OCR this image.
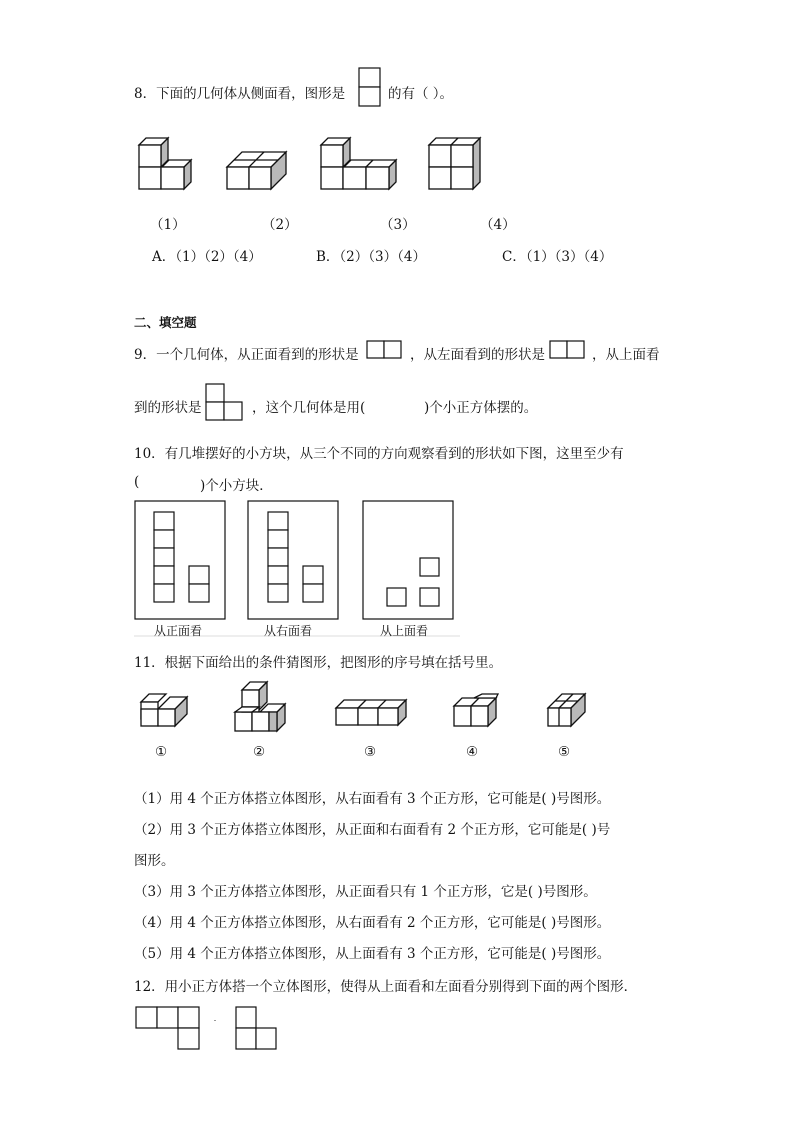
8．下面的几何体从侧面看，图形是	的有（ ）。
（1）	（2）	（3）	（4）
A．（1）（2）（4）	B．（2）（3）（4）	C．（1）（3）（4）
二、填空题
9．一个几何体，从正面看到的形状是	，从左面看到的形状是	，从上面看
到的形状是	，这个几何体是用(	)个小正方体摆的。
10．有几堆摆好的小方块，从三个不同的方向观察看到的形状如下图，这里至少有
(	)个小方块．
从正面看	从右面看	从上面看
11．根据下面给出的条件猜图形，把图形的序号填在括号里。
①	②	③	④	⑤
（1）用 4 个正方体搭立体图形，从右面看有 3 个正方形，它可能是( )号图形。
（2）用 3 个正方体搭立体图形，从正面和右面看有 2 个正方形，它可能是( )号
图形。
（3）用 3 个正方体搭立体图形，从正面看只有 1 个正方形，它是( )号图形。
（4）用 4 个正方体搭立体图形，从右面看有 2 个正方形，它可能是( )号图形。
（5）用 4 个正方体搭立体图形，从上面看有 3 个正方形，它可能是( )号图形。
12．用小正方体搭一个立体图形，使得从上面看和左面看分别得到下面的两个图形．
